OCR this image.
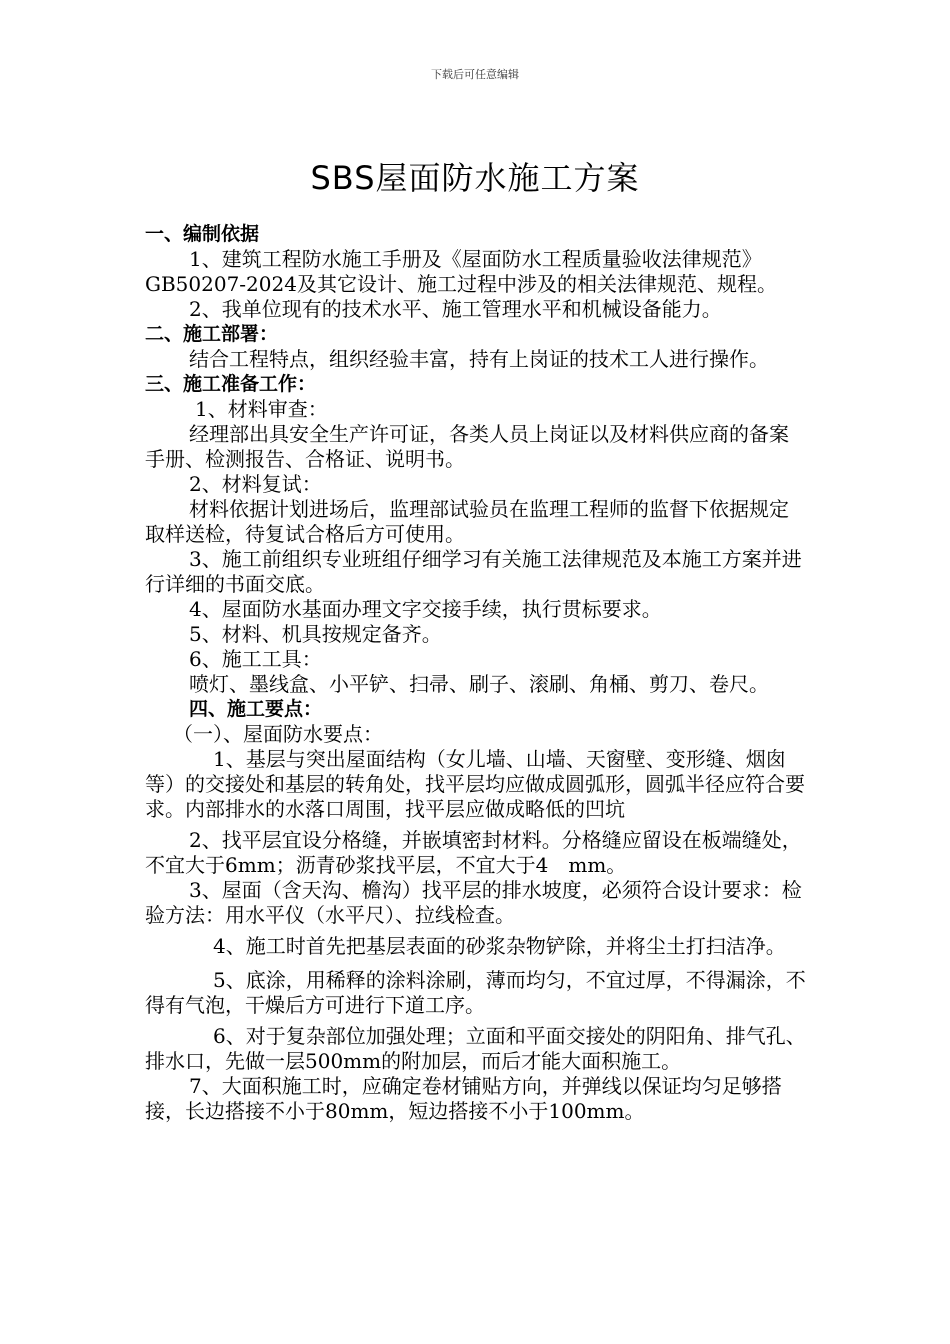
下载后可任意编辑
SBS屋面防水施工方案

一、编制依据

1、建筑工程防水施工手册及《屋面防水工程质量验收法律规范》GB50207-2024及其它设计、施工过程中涉及的相关法律规范、规程。

2、我单位现有的技术水平、施工管理水平和机械设备能力。

二、施工部署：

结合工程特点，组织经验丰富，持有上岗证的技术工人进行操作。

三、施工准备工作：

1、材料审查：

经理部出具安全生产许可证，各类人员上岗证以及材料供应商的备案手册、检测报告、合格证、说明书。

2、材料复试：

材料依据计划进场后，监理部试验员在监理工程师的监督下依据规定取样送检，待复试合格后方可使用。

3、施工前组织专业班组仔细学习有关施工法律规范及本施工方案并进行详细的书面交底。

4、屋面防水基面办理文字交接手续，执行贯标要求。

5、材料、机具按规定备齐。

6、施工工具：

喷灯、墨线盒、小平铲、扫帚、刷子、滚刷、角桶、剪刀、卷尺。

四、施工要点：

（一）、屋面防水要点：

1、基层与突出屋面结构（女儿墙、山墙、天窗壁、变形缝、烟囱等）的交接处和基层的转角处，找平层均应做成圆弧形，圆弧半径应符合要求。内部排水的水落口周围，找平层应做成略低的凹坑

2、找平层宜设分格缝，并嵌填密封材料。分格缝应留设在板端缝处，不宜大于6mm；沥青砂浆找平层，不宜大于4　mm。

3、屋面（含天沟、檐沟）找平层的排水坡度，必须符合设计要求：检验方法：用水平仪（水平尺）、拉线检查。

4、施工时首先把基层表面的砂浆杂物铲除，并将尘土打扫洁净。

5、底涂，用稀释的涂料涂刷，薄而均匀，不宜过厚，不得漏涂，不得有气泡，干燥后方可进行下道工序。

6、对于复杂部位加强处理；立面和平面交接处的阴阳角、排气孔、排水口，先做一层500mm的附加层，而后才能大面积施工。

7、大面积施工时，应确定卷材铺贴方向，并弹线以保证均匀足够搭接，长边搭接不小于80mm，短边搭接不小于100mm。
